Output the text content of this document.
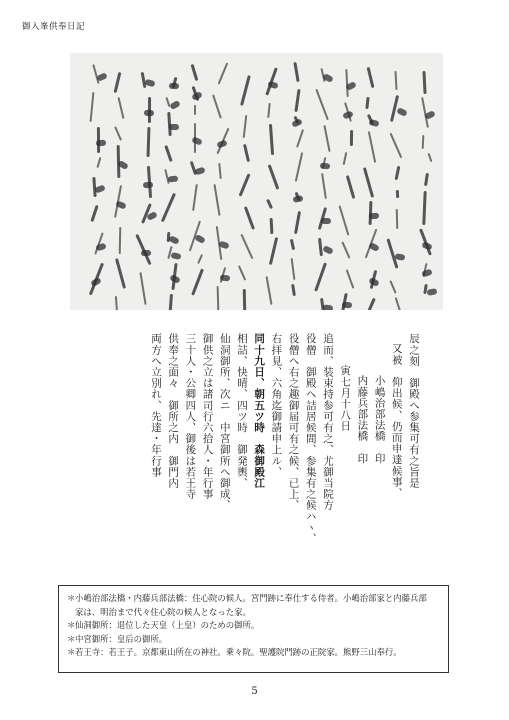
御入峯供奉日記
辰之刻　御殿へ参集可有之旨是
又被　仰出候、仍而申達候事、
小嶋治部法橋　印
内藤兵部法橋　印
寅七月十八日
追而、装束持参可有之、尤御当院方
役僧　御殿へ詰居候間、参集有之候ハヽ、
役僧へ右之趣御届可有之候、已上、
右拝見、六角迄御請申上ル、
同十九日、朝五ツ時　森御殿江
相詰、快晴、四ツ時　御発輿、
仙洞御所、次ニ　中宮御所へ御成、
御供之立は諸司行六拾人・年行事
三十人・公卿四人、御後は若王寺
供奉之面々　御所之内　御門内
両方へ立別れ、先達・年行事

＊小嶋治部法橋・内藤兵部法橋：住心院の候人。宮門跡に奉仕する侍者。小嶋治部家と内藤兵部

家は、明治まで代々住心院の候人となった家。

＊仙洞御所：退位した天皇（上皇）のための御所。

＊中宮御所：皇后の御所。

＊若王寺：若王子。京都東山所在の神社。乗々院。聖護院門跡の正院家。熊野三山奉行。

5
